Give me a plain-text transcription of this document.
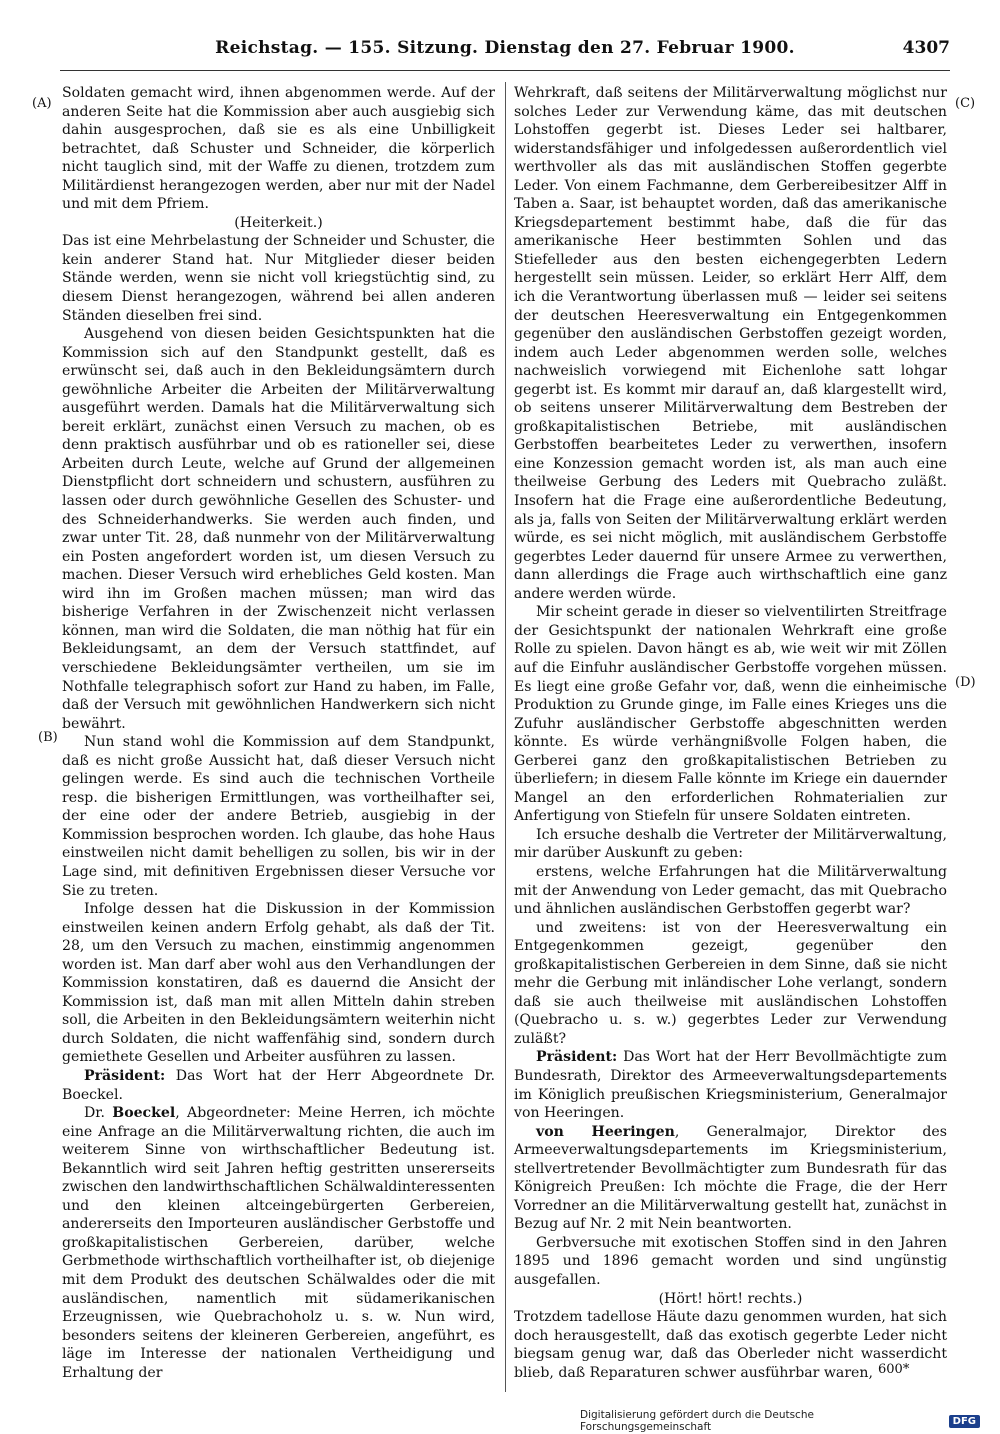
Reichstag. — 155. Sitzung. Dienstag den 27. Februar 1900.	4307
(A)
(B)
(C)
(D)

Soldaten gemacht wird, ihnen abgenommen werde. Auf der anderen Seite hat die Kommission aber auch ausgiebig sich dahin ausgesprochen, daß sie es als eine Unbilligkeit betrachtet, daß Schuster und Schneider, die körperlich nicht tauglich sind, mit der Waffe zu dienen, trotzdem zum Militärdienst herangezogen werden, aber nur mit der Nadel und mit dem Pfriem.

(Heiterkeit.)

Das ist eine Mehrbelastung der Schneider und Schuster, die kein anderer Stand hat. Nur Mitglieder dieser beiden Stände werden, wenn sie nicht voll kriegstüchtig sind, zu diesem Dienst herangezogen, während bei allen anderen Ständen dieselben frei sind.

Ausgehend von diesen beiden Gesichtspunkten hat die Kommission sich auf den Standpunkt gestellt, daß es erwünscht sei, daß auch in den Bekleidungsämtern durch gewöhnliche Arbeiter die Arbeiten der Militärverwaltung ausgeführt werden. Damals hat die Militärverwaltung sich bereit erklärt, zunächst einen Versuch zu machen, ob es denn praktisch ausführbar und ob es rationeller sei, diese Arbeiten durch Leute, welche auf Grund der allgemeinen Dienstpflicht dort schneidern und schustern, ausführen zu lassen oder durch gewöhnliche Gesellen des Schuster- und des Schneiderhandwerks. Sie werden auch finden, und zwar unter Tit. 28, daß nunmehr von der Militärverwaltung ein Posten angefordert worden ist, um diesen Versuch zu machen. Dieser Versuch wird erhebliches Geld kosten. Man wird ihn im Großen machen müssen; man wird das bisherige Verfahren in der Zwischenzeit nicht verlassen können, man wird die Soldaten, die man nöthig hat für ein Bekleidungsamt, an dem der Versuch stattfindet, auf verschiedene Bekleidungsämter vertheilen, um sie im Nothfalle telegraphisch sofort zur Hand zu haben, im Falle, daß der Versuch mit gewöhnlichen Handwerkern sich nicht bewährt.

Nun stand wohl die Kommission auf dem Standpunkt, daß es nicht große Aussicht hat, daß dieser Versuch nicht gelingen werde. Es sind auch die technischen Vortheile resp. die bisherigen Ermittlungen, was vortheilhafter sei, der eine oder der andere Betrieb, ausgiebig in der Kommission besprochen worden. Ich glaube, das hohe Haus einstweilen nicht damit behelligen zu sollen, bis wir in der Lage sind, mit definitiven Ergebnissen dieser Versuche vor Sie zu treten.

Infolge dessen hat die Diskussion in der Kommission einstweilen keinen andern Erfolg gehabt, als daß der Tit. 28, um den Versuch zu machen, einstimmig angenommen worden ist. Man darf aber wohl aus den Verhandlungen der Kommission konstatiren, daß es dauernd die Ansicht der Kommission ist, daß man mit allen Mitteln dahin streben soll, die Arbeiten in den Bekleidungsämtern weiterhin nicht durch Soldaten, die nicht waffenfähig sind, sondern durch gemiethete Gesellen und Arbeiter ausführen zu lassen.

Präsident: Das Wort hat der Herr Abgeordnete Dr. Boeckel.

Dr. Boeckel, Abgeordneter: Meine Herren, ich möchte eine Anfrage an die Militärverwaltung richten, die auch im weiterem Sinne von wirthschaftlicher Bedeutung ist. Bekanntlich wird seit Jahren heftig gestritten unsererseits zwischen den landwirthschaftlichen Schälwaldinteressenten und den kleinen altceingebürgerten Gerbereien, andererseits den Importeuren ausländischer Gerbstoffe und großkapitalistischen Gerbereien, darüber, welche Gerbmethode wirthschaftlich vortheilhafter ist, ob diejenige mit dem Produkt des deutschen Schälwaldes oder die mit ausländischen, namentlich mit südamerikanischen Erzeugnissen, wie Quebrachoholz u. s. w. Nun wird, besonders seitens der kleineren Gerbereien, angeführt, es läge im Interesse der nationalen Vertheidigung und Erhaltung der

Wehrkraft, daß seitens der Militärverwaltung möglichst nur solches Leder zur Verwendung käme, das mit deutschen Lohstoffen gegerbt ist. Dieses Leder sei haltbarer, widerstandsfähiger und infolgedessen außerordentlich viel werthvoller als das mit ausländischen Stoffen gegerbte Leder. Von einem Fachmanne, dem Gerbereibesitzer Alff in Taben a. Saar, ist behauptet worden, daß das amerikanische Kriegsdepartement bestimmt habe, daß die für das amerikanische Heer bestimmten Sohlen und das Stiefelleder aus den besten eichengegerbten Ledern hergestellt sein müssen. Leider, so erklärt Herr Alff, dem ich die Verantwortung überlassen muß — leider sei seitens der deutschen Heeresverwaltung ein Entgegenkommen gegenüber den ausländischen Gerbstoffen gezeigt worden, indem auch Leder abgenommen werden solle, welches nachweislich vorwiegend mit Eichenlohe satt lohgar gegerbt ist. Es kommt mir darauf an, daß klargestellt wird, ob seitens unserer Militärverwaltung dem Bestreben der großkapitalistischen Betriebe, mit ausländischen Gerbstoffen bearbeitetes Leder zu verwerthen, insofern eine Konzession gemacht worden ist, als man auch eine theilweise Gerbung des Leders mit Quebracho zuläßt. Insofern hat die Frage eine außerordentliche Bedeutung, als ja, falls von Seiten der Militärverwaltung erklärt werden würde, es sei nicht möglich, mit ausländischem Gerbstoffe gegerbtes Leder dauernd für unsere Armee zu verwerthen, dann allerdings die Frage auch wirthschaftlich eine ganz andere werden würde.

Mir scheint gerade in dieser so vielventilirten Streitfrage der Gesichtspunkt der nationalen Wehrkraft eine große Rolle zu spielen. Davon hängt es ab, wie weit wir mit Zöllen auf die Einfuhr ausländischer Gerbstoffe vorgehen müssen. Es liegt eine große Gefahr vor, daß, wenn die einheimische Produktion zu Grunde ginge, im Falle eines Krieges uns die Zufuhr ausländischer Gerbstoffe abgeschnitten werden könnte. Es würde verhängnißvolle Folgen haben, die Gerberei ganz den großkapitalistischen Betrieben zu überliefern; in diesem Falle könnte im Kriege ein dauernder Mangel an den erforderlichen Rohmaterialien zur Anfertigung von Stiefeln für unsere Soldaten eintreten.

Ich ersuche deshalb die Vertreter der Militärverwaltung, mir darüber Auskunft zu geben:

erstens, welche Erfahrungen hat die Militärverwaltung mit der Anwendung von Leder gemacht, das mit Quebracho und ähnlichen ausländischen Gerbstoffen gegerbt war?

und zweitens: ist von der Heeresverwaltung ein Entgegenkommen gezeigt, gegenüber den großkapitalistischen Gerbereien in dem Sinne, daß sie nicht mehr die Gerbung mit inländischer Lohe verlangt, sondern daß sie auch theilweise mit ausländischen Lohstoffen (Quebracho u. s. w.) gegerbtes Leder zur Verwendung zuläßt?

Präsident: Das Wort hat der Herr Bevollmächtigte zum Bundesrath, Direktor des Armeeverwaltungsdepartements im Königlich preußischen Kriegsministerium, Generalmajor von Heeringen.

von Heeringen, Generalmajor, Direktor des Armeeverwaltungsdepartements im Kriegsministerium, stellvertretender Bevollmächtigter zum Bundesrath für das Königreich Preußen: Ich möchte die Frage, die der Herr Vorredner an die Militärverwaltung gestellt hat, zunächst in Bezug auf Nr. 2 mit Nein beantworten.

Gerbversuche mit exotischen Stoffen sind in den Jahren 1895 und 1896 gemacht worden und sind ungünstig ausgefallen.

(Hört! hört! rechts.)

Trotzdem tadellose Häute dazu genommen wurden, hat sich doch herausgestellt, daß das exotisch gegerbte Leder nicht biegsam genug war, daß das Oberleder nicht wasserdicht blieb, daß Reparaturen schwer ausführbar waren, 600*
Digitalisierung gefördert durch die Deutsche Forschungsgemeinschaft	DFG
